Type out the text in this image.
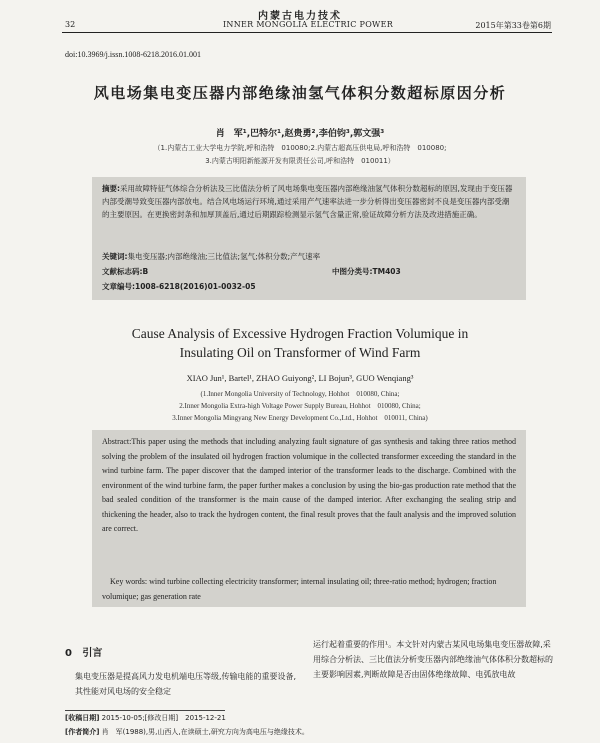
内蒙古电力技术
32	INNER MONGOLIA ELECTRIC POWER	2015年第33卷第6期
doi:10.3969/j.issn.1008-6218.2016.01.001
风电场集电变压器内部绝缘油氢气体积分数超标原因分析
肖　军¹,巴特尔¹,赵贵勇²,李伯钧³,郭文强³
（1.内蒙古工业大学电力学院,呼和浩特　010080;2.内蒙古超高压供电局,呼和浩特　010080;
3.内蒙古明阳新能源开发有限责任公司,呼和浩特　010011）
摘要:采用故障特征气体综合分析法及三比值法分析了风电场集电变压器内部绝缘油氢气体积分数超标的原因,发现由于变压器内部受潮导致变压器内部放电。结合风电场运行环境,通过采用产气速率法进一步分析得出变压器密封不良是变压器内部受潮的主要原因。在更换密封条和加厚顶盖后,通过后期跟踪检测显示氢气含量正常,验证故障分析方法及改进措施正确。
关键词:集电变压器;内部绝缘油;三比值法;氢气;体积分数;产气速率
文献标志码:B	中图分类号:TM403
文章编号:1008-6218(2016)01-0032-05
Cause Analysis of Excessive Hydrogen Fraction Volumique in
Insulating Oil on Transformer of Wind Farm
XIAO Jun¹, Bartel¹, ZHAO Guiyong², LI Bojun³, GUO Wenqiang³
(1.Inner Mongolia University of Technology, Hohhot　010080, China;
2.Inner Mongolia Extra-high Voltage Power Supply Bureau, Hohhot　010080, China;
3.Inner Mongolia Mingyang New Energy Development Co.,Ltd., Hohhot　010011, China)
Abstract:This paper using the methods that including analyzing fault signature of gas synthesis and taking three ratios method solving the problem of the insulated oil hydrogen fraction volumique in the collected transformer exceeding the standard in the wind turbine farm. The paper discover that the damped interior of the transformer leads to the discharge. Combined with the environment of the wind turbine farm, the paper further makes a conclusion by using the bio-gas production rate method that the bad sealed condition of the transformer is the main cause of the damped interior. After exchanging the sealing strip and thickening the header, also to track the hydrogen content, the final result proves that the fault analysis and the improved solution are correct.
Key words: wind turbine collecting electricity transformer; internal insulating oil; three-ratio method; hydrogen; fraction volumique; gas generation rate
0 引言
集电变压器是提高风力发电机端电压等级,传输电能的重要设备,其性能对风电场的安全稳定
运行起着重要的作用¹。本文针对内蒙古某风电场集电变压器故障,采用综合分析法、三比值法分析变压器内部绝缘油气体体积分数超标的主要影响因素,判断故障是否由固体绝缘故障、电弧放电故
[收稿日期] 2015-10-05;[修改日期]　2015-12-21
[作者简介] 肖　军(1988),男,山西人,在读硕士,研究方向为高电压与绝缘技术。
